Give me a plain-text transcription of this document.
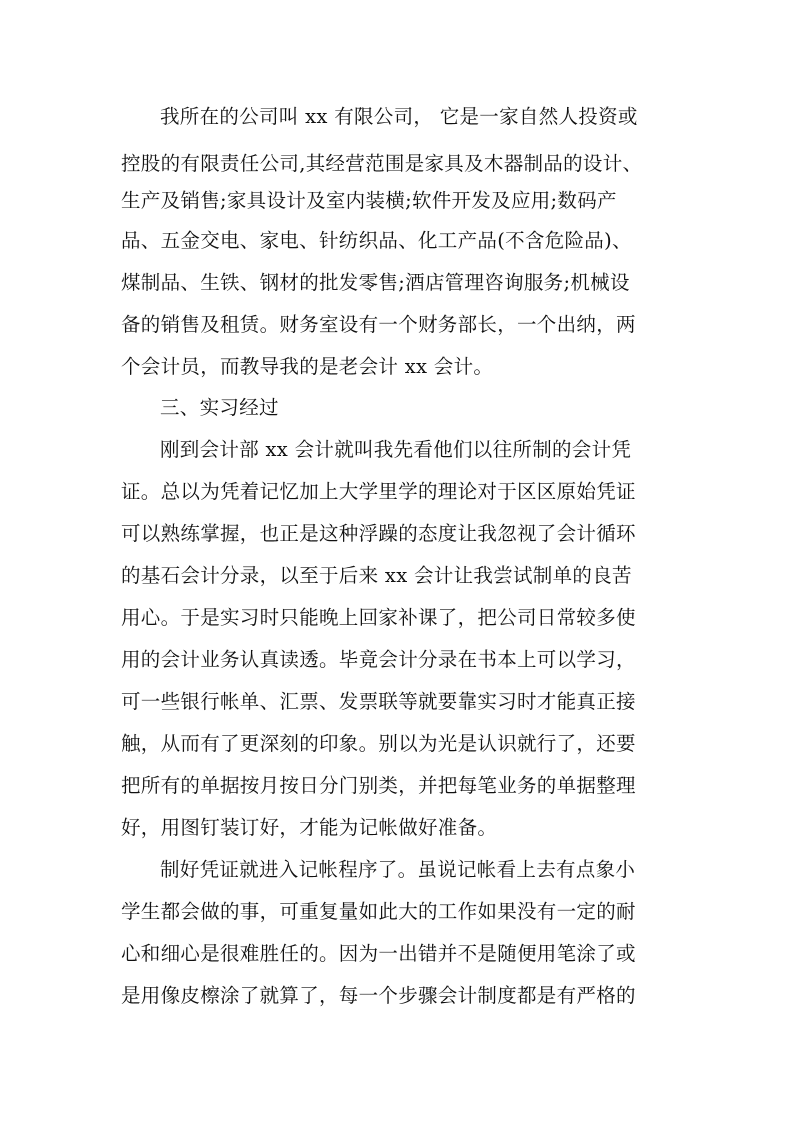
我所在的公司叫 xx 有限公司， 它是一家自然人投资或
控股的有限责任公司,其经营范围是家具及木器制品的设计、
生产及销售;家具设计及室内装横;软件开发及应用;数码产
品、五金交电、家电、针纺织品、化工产品(不含危险品)、
煤制品、生铁、钢材的批发零售;酒店管理咨询服务;机械设
备的销售及租赁。财务室设有一个财务部长，一个出纳，两
个会计员，而教导我的是老会计 xx 会计。
三、实习经过
刚到会计部 xx 会计就叫我先看他们以往所制的会计凭
证。总以为凭着记忆加上大学里学的理论对于区区原始凭证
可以熟练掌握，也正是这种浮躁的态度让我忽视了会计循环
的基石会计分录，以至于后来 xx 会计让我尝试制单的良苦
用心。于是实习时只能晚上回家补课了，把公司日常较多使
用的会计业务认真读透。毕竟会计分录在书本上可以学习，
可一些银行帐单、汇票、发票联等就要靠实习时才能真正接
触，从而有了更深刻的印象。别以为光是认识就行了，还要
把所有的单据按月按日分门别类，并把每笔业务的单据整理
好，用图钉装订好，才能为记帐做好准备。
制好凭证就进入记帐程序了。虽说记帐看上去有点象小
学生都会做的事，可重复量如此大的工作如果没有一定的耐
心和细心是很难胜任的。因为一出错并不是随便用笔涂了或
是用像皮檫涂了就算了，每一个步骤会计制度都是有严格的
